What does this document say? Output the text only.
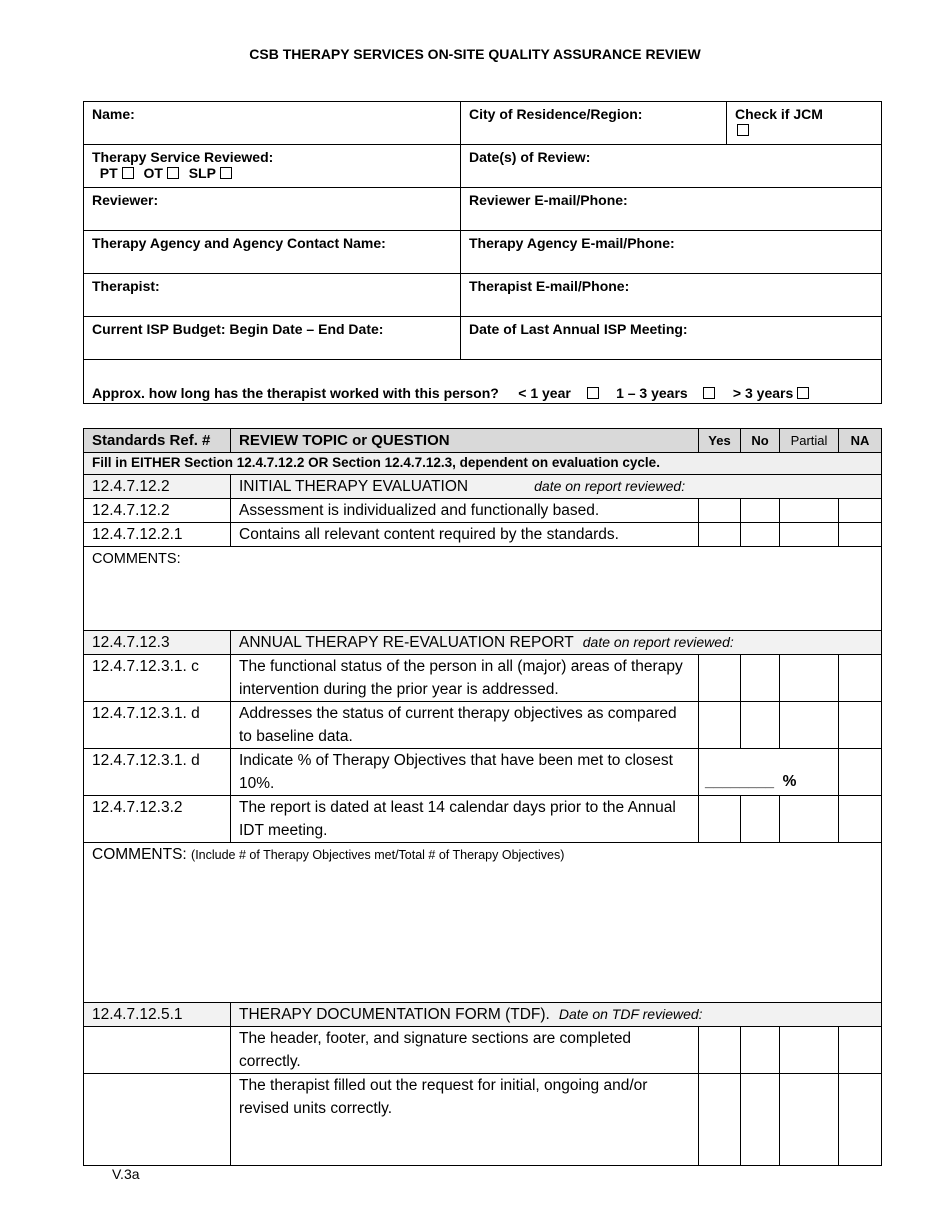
CSB THERAPY SERVICES ON-SITE QUALITY ASSURANCE REVIEW
Name:	City of Residence/Region:	Check if JCM

Therapy Service Reviewed:
PT OT SLP	Date(s) of Review:	
Reviewer:	Reviewer E-mail/Phone:	
Therapy Agency and Agency Contact Name:	Therapy Agency E-mail/Phone:	
Therapist:	Therapist E-mail/Phone:	
Current ISP Budget: Begin Date – End Date:	Date of Last Annual ISP Meeting:	
Approx. how long has the therapist worked with this person? < 1 year 1 – 3 years > 3 years		
Standards Ref. #	REVIEW TOPIC or QUESTION	Yes	No	Partial	NA
Fill in EITHER Section 12.4.7.12.2 OR Section 12.4.7.12.3, dependent on evaluation cycle.					
12.4.7.12.2	INITIAL THERAPY EVALUATION date on report reviewed:				
12.4.7.12.2	Assessment is individualized and functionally based.				
12.4.7.12.2.1	Contains all relevant content required by the standards.				
COMMENTS:					
12.4.7.12.3	ANNUAL THERAPY RE-EVALUATION REPORT date on report reviewed:				
12.4.7.12.3.1. c	The functional status of the person in all (major) areas of therapy intervention during the prior year is addressed.				
12.4.7.12.3.1. d	Addresses the status of current therapy objectives as compared to baseline data.				
12.4.7.12.3.1. d	Indicate % of Therapy Objectives that have been met to closest 10%.	________ %			
12.4.7.12.3.2	The report is dated at least 14 calendar days prior to the Annual IDT meeting.				
COMMENTS: (Include # of Therapy Objectives met/Total # of Therapy Objectives)					
12.4.7.12.5.1	THERAPY DOCUMENTATION FORM (TDF). Date on TDF reviewed:				
	The header, footer, and signature sections are completed correctly.				
	The therapist filled out the request for initial, ongoing and/or revised units correctly.				
V.3a
